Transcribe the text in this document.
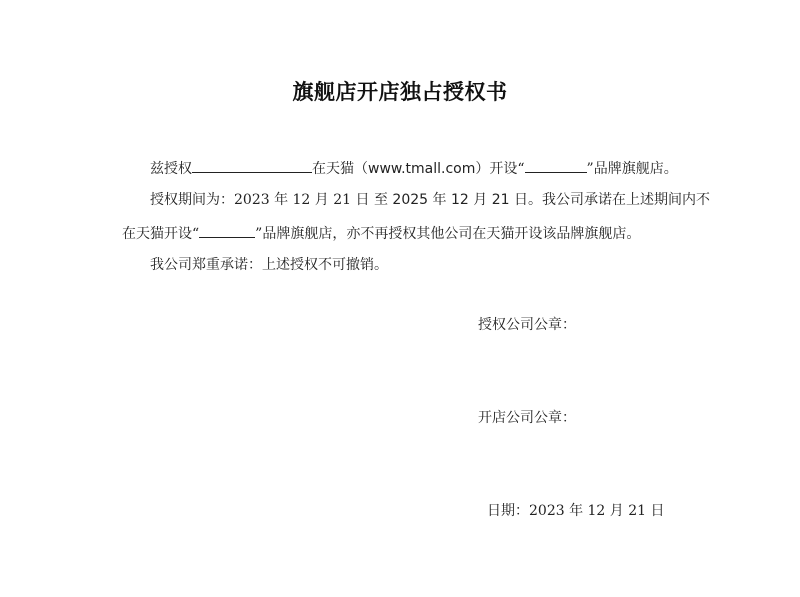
旗舰店开店独占授权书
兹授权	在天猫（www.tmall.com）开设“	”品牌旗舰店。
授权期间为：2023 年 12 月 21 日 至 2025 年 12 月 21 日。我公司承诺在上述期间内不
在天猫开设“	”品牌旗舰店，亦不再授权其他公司在天猫开设该品牌旗舰店。
我公司郑重承诺：上述授权不可撤销。
授权公司公章：
开店公司公章：
日期：2023 年 12 月 21 日
